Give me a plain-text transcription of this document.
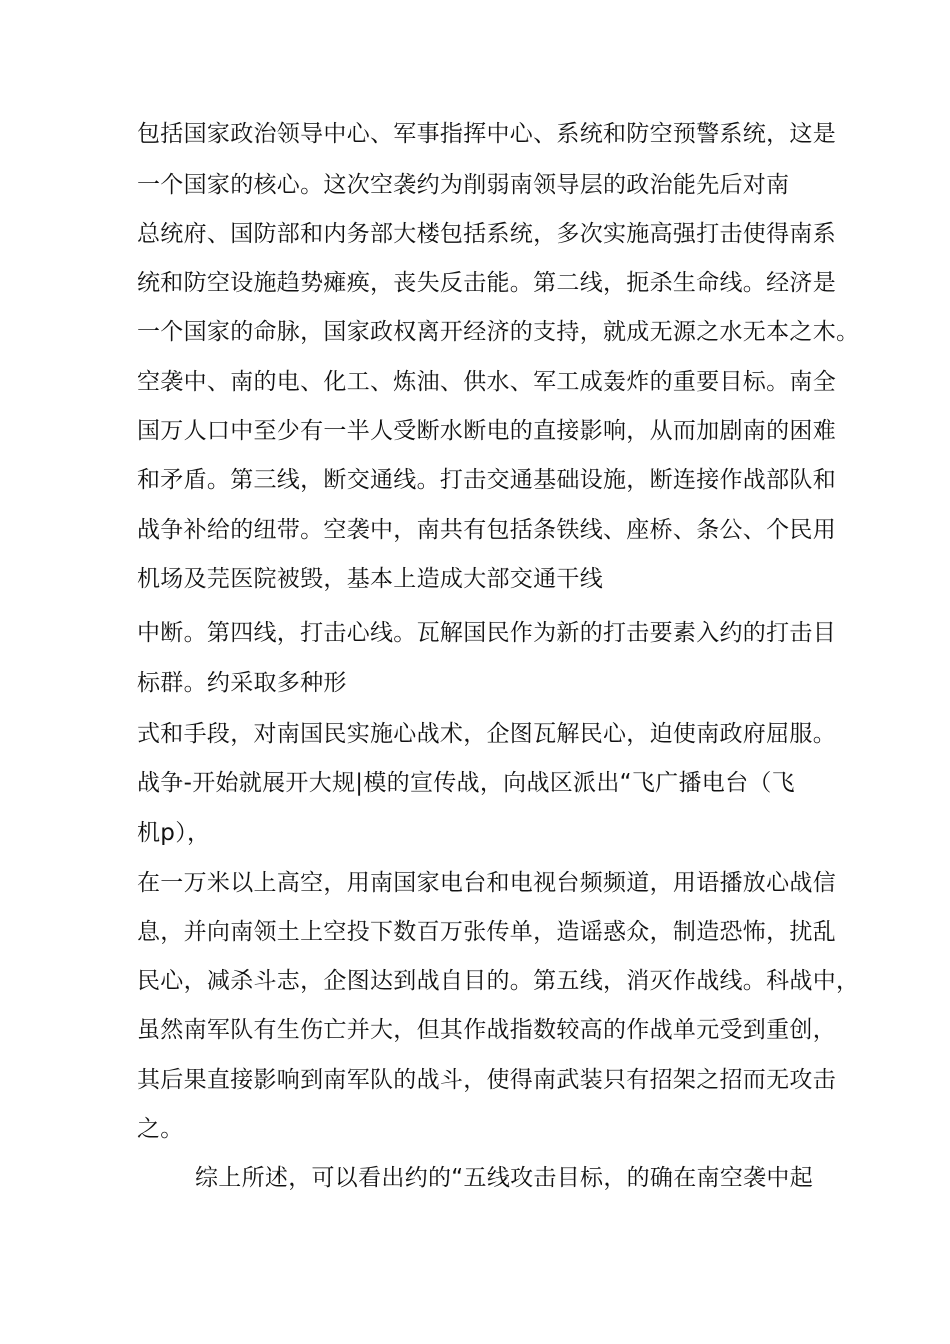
包括国家政治领导中心、军事指挥中心、系统和防空预警系统，这是
一个国家的核心。这次空袭约为削弱南领导层的政治能先后对南
总统府、国防部和内务部大楼包括系统，多次实施高强打击使得南系
统和防空设施趋势瘫痪，丧失反击能。第二线，扼杀生命线。经济是
一个国家的命脉，国家政权离开经济的支持，就成无源之水无本之木。
空袭中、南的电、化工、炼油、供水、军工成轰炸的重要目标。南全
国万人口中至少有一半人受断水断电的直接影响，从而加剧南的困难
和矛盾。第三线，断交通线。打击交通基础设施，断连接作战部队和
战争补给的纽带。空袭中，南共有包括条铁线、座桥、条公、个民用
机场及芫医院被毁，基本上造成大部交通干线
中断。第四线，打击心线。瓦解国民作为新的打击要素入约的打击目
标群。约采取多种形
式和手段，对南国民实施心战术，企图瓦解民心，迫使南政府屈服。
战争-开始就展开大规|模的宣传战，向战区派出“飞广播电台（飞
机p），
在一万米以上高空，用南国家电台和电视台频频道，用语播放心战信
息，并向南领土上空投下数百万张传单，造谣惑众，制造恐怖，扰乱
民心，减杀斗志，企图达到战自目的。第五线，消灭作战线。科战中，
虽然南军队有生伤亡并大，但其作战指数较高的作战单元受到重创，
其后果直接影响到南军队的战斗，使得南武装只有招架之招而无攻击
之。
综上所述，可以看出约的“五线攻击目标，的确在南空袭中起
